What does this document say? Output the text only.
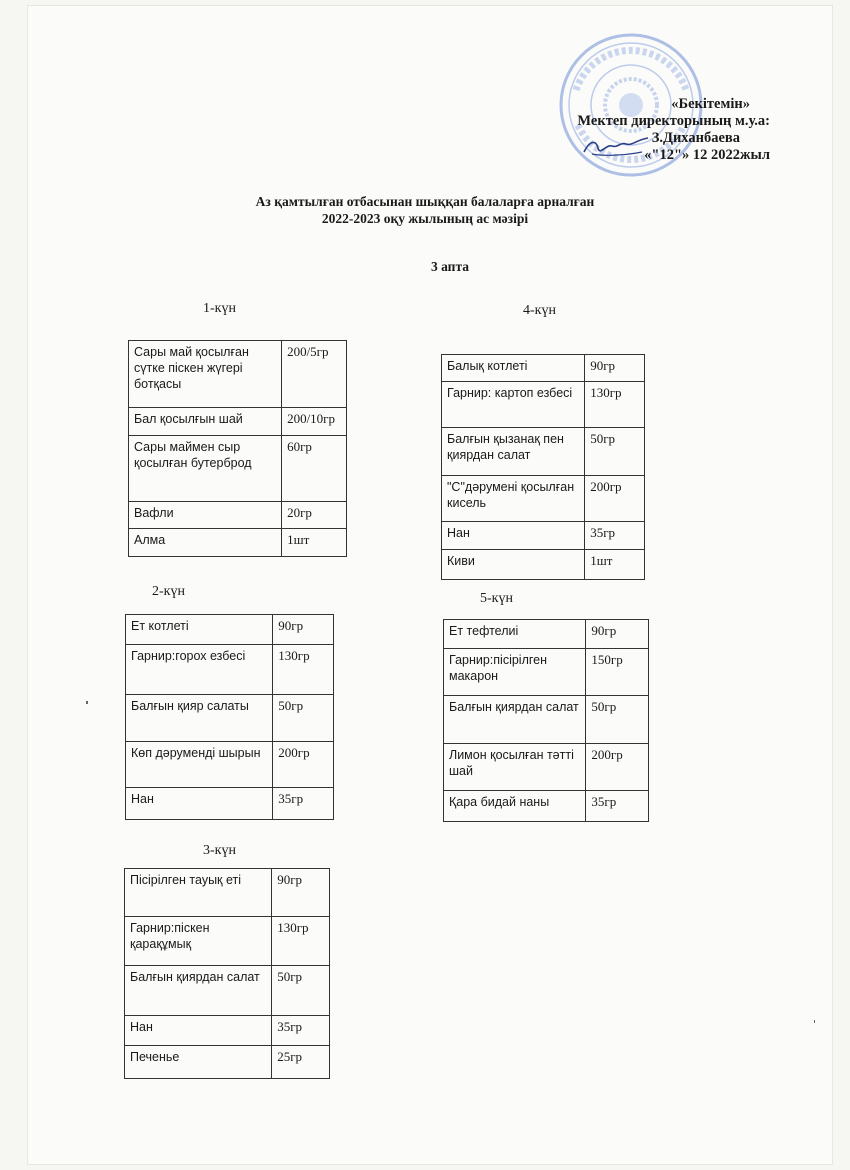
«Бекітемін»
Мектеп директорының м.у.а:
З.Диханбаева
«"12"» 12 2022жыл
Аз қамтылған отбасынан шыққан балаларға арналған
2022-2023 оқу жылының ас мәзірі
3 апта
1-күн
Сары май қосылған сүтке піскен жүгері ботқасы	200/5гр
Бал қосылғын шай	200/10гр
Сары маймен сыр қосылған бутерброд	60гр
Вафли	20гр
Алма	1шт
2-күн
Ет котлеті	90гр
Гарнир:горох езбесі	130гр
Балғын қияр салаты	50гр
Көп дәруменді шырын	200гр
Нан	35гр
3-күн
Пісірілген тауық еті	90гр
Гарнир:піскен қарақұмық	130гр
Балғын қиярдан салат	50гр
Нан	35гр
Печенье	25гр
4-күн
Балық котлеті	90гр
Гарнир: картоп езбесі	130гр
Балғын қызанақ пен қиярдан салат	50гр
"С"дәрумені қосылған кисель	200гр
Нан	35гр
Киви	1шт
5-күн
Ет тефтелиі	90гр
Гарнир:пісірілген макарон	150гр
Балғын қиярдан салат	50гр
Лимон қосылған тәтті шай	200гр
Қара бидай наны	35гр
